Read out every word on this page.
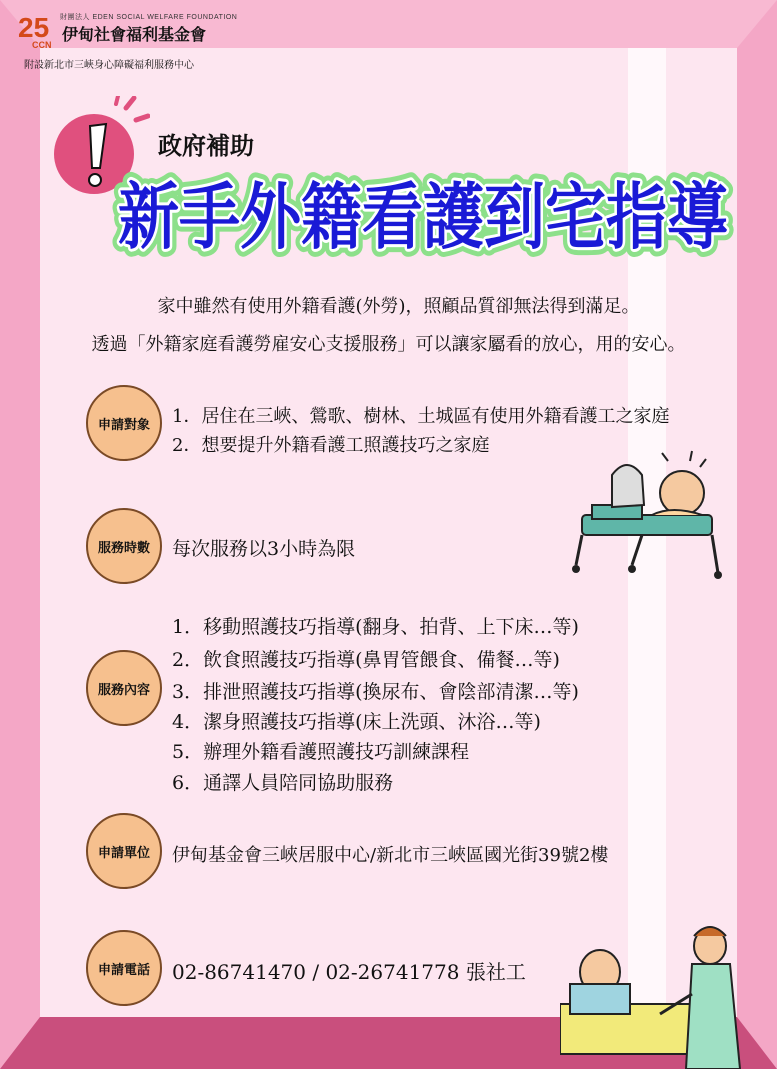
25
CCN
財團法人 EDEN SOCIAL WELFARE FOUNDATION
伊甸社會福利基金會
附設新北市三峽身心障礙福利服務中心
政府補助
新手外籍看護到宅指導
新手外籍看護到宅指導
新手外籍看護到宅指導
家中雖然有使用外籍看護(外勞)，照顧品質卻無法得到滿足。
透過「外籍家庭看護勞雇安心支援服務」可以讓家屬看的放心，用的安心。
申請對象	1．居住在三峽、鶯歌、樹林、土城區有使用外籍看護工之家庭
2．想要提升外籍看護工照護技巧之家庭
服務時數	每次服務以3小時為限
服務內容
1．移動照護技巧指導(翻身、拍背、上下床…等)
2．飲食照護技巧指導(鼻胃管餵食、備餐…等)
3．排泄照護技巧指導(換尿布、會陰部清潔…等)
4．潔身照護技巧指導(床上洗頭、沐浴…等)
5．辦理外籍看護照護技巧訓練課程
6．通譯人員陪同協助服務
申請單位	伊甸基金會三峽居服中心/新北市三峽區國光街39號2樓
申請電話	02-86741470 / 02-26741778 張社工
